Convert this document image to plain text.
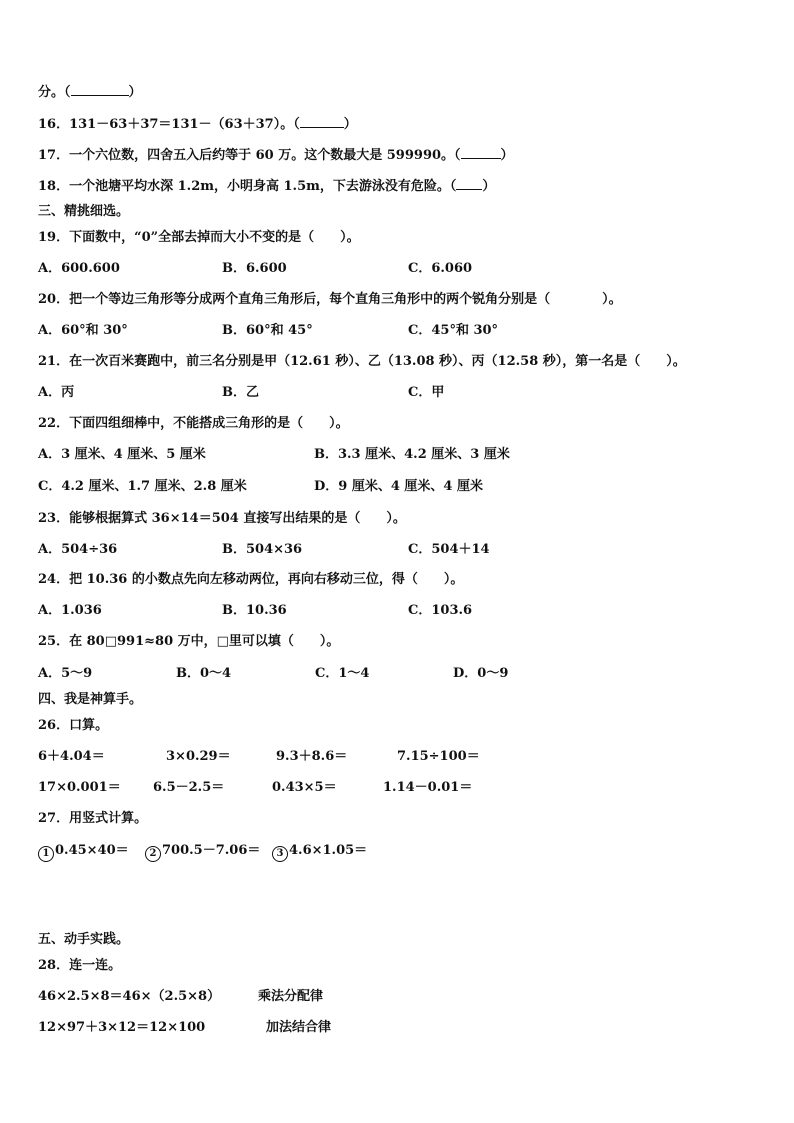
分。（	）
16．131－63＋37＝131－（63＋37）。（	）
17．一个六位数，四舍五入后约等于 60 万。这个数最大是 599990。（	）
18．一个池塘平均水深 1.2m，小明身高 1.5m，下去游泳没有危险。（ ）
三、精挑细选。
19．下面数中，“0”全部去掉而大小不变的是（　　）。
A．600.600	B．6.600	C．6.060
20．把一个等边三角形等分成两个直角三角形后，每个直角三角形中的两个锐角分别是（　　　　）。
A．60°和 30°	B．60°和 45°	C．45°和 30°
21．在一次百米赛跑中，前三名分别是甲（12.61 秒）、乙（13.08 秒）、丙（12.58 秒），第一名是（　　）。
A．丙	B．乙	C．甲
22．下面四组细棒中，不能搭成三角形的是（　　）。
A．3 厘米、4 厘米、5 厘米	B．3.3 厘米、4.2 厘米、3 厘米
C．4.2 厘米、1.7 厘米、2.8 厘米	D．9 厘米、4 厘米、4 厘米
23．能够根据算式 36×14＝504 直接写出结果的是（　　）。
A．504÷36	B．504×36	C．504＋14
24．把 10.36 的小数点先向左移动两位，再向右移动三位，得（　　）。
A．1.036	B．10.36	C．103.6
25．在 80□991≈80 万中，□里可以填（　　）。
A．5～9	B．0～4	C．1～4	D．0～9
四、我是神算手。
26．口算。
6＋4.04＝	3×0.29＝	9.3＋8.6＝	7.15÷100＝
17×0.001＝ 6.5－2.5＝	0.43×5＝	1.14－0.01＝
27．用竖式计算。
1 0.45×40＝	2 700.5－7.06＝	3 4.6×1.05＝
五、动手实践。
28．连一连。
46×2.5×8＝46×（2.5×8）	乘法分配律
12×97＋3×12＝12×100	加法结合律
